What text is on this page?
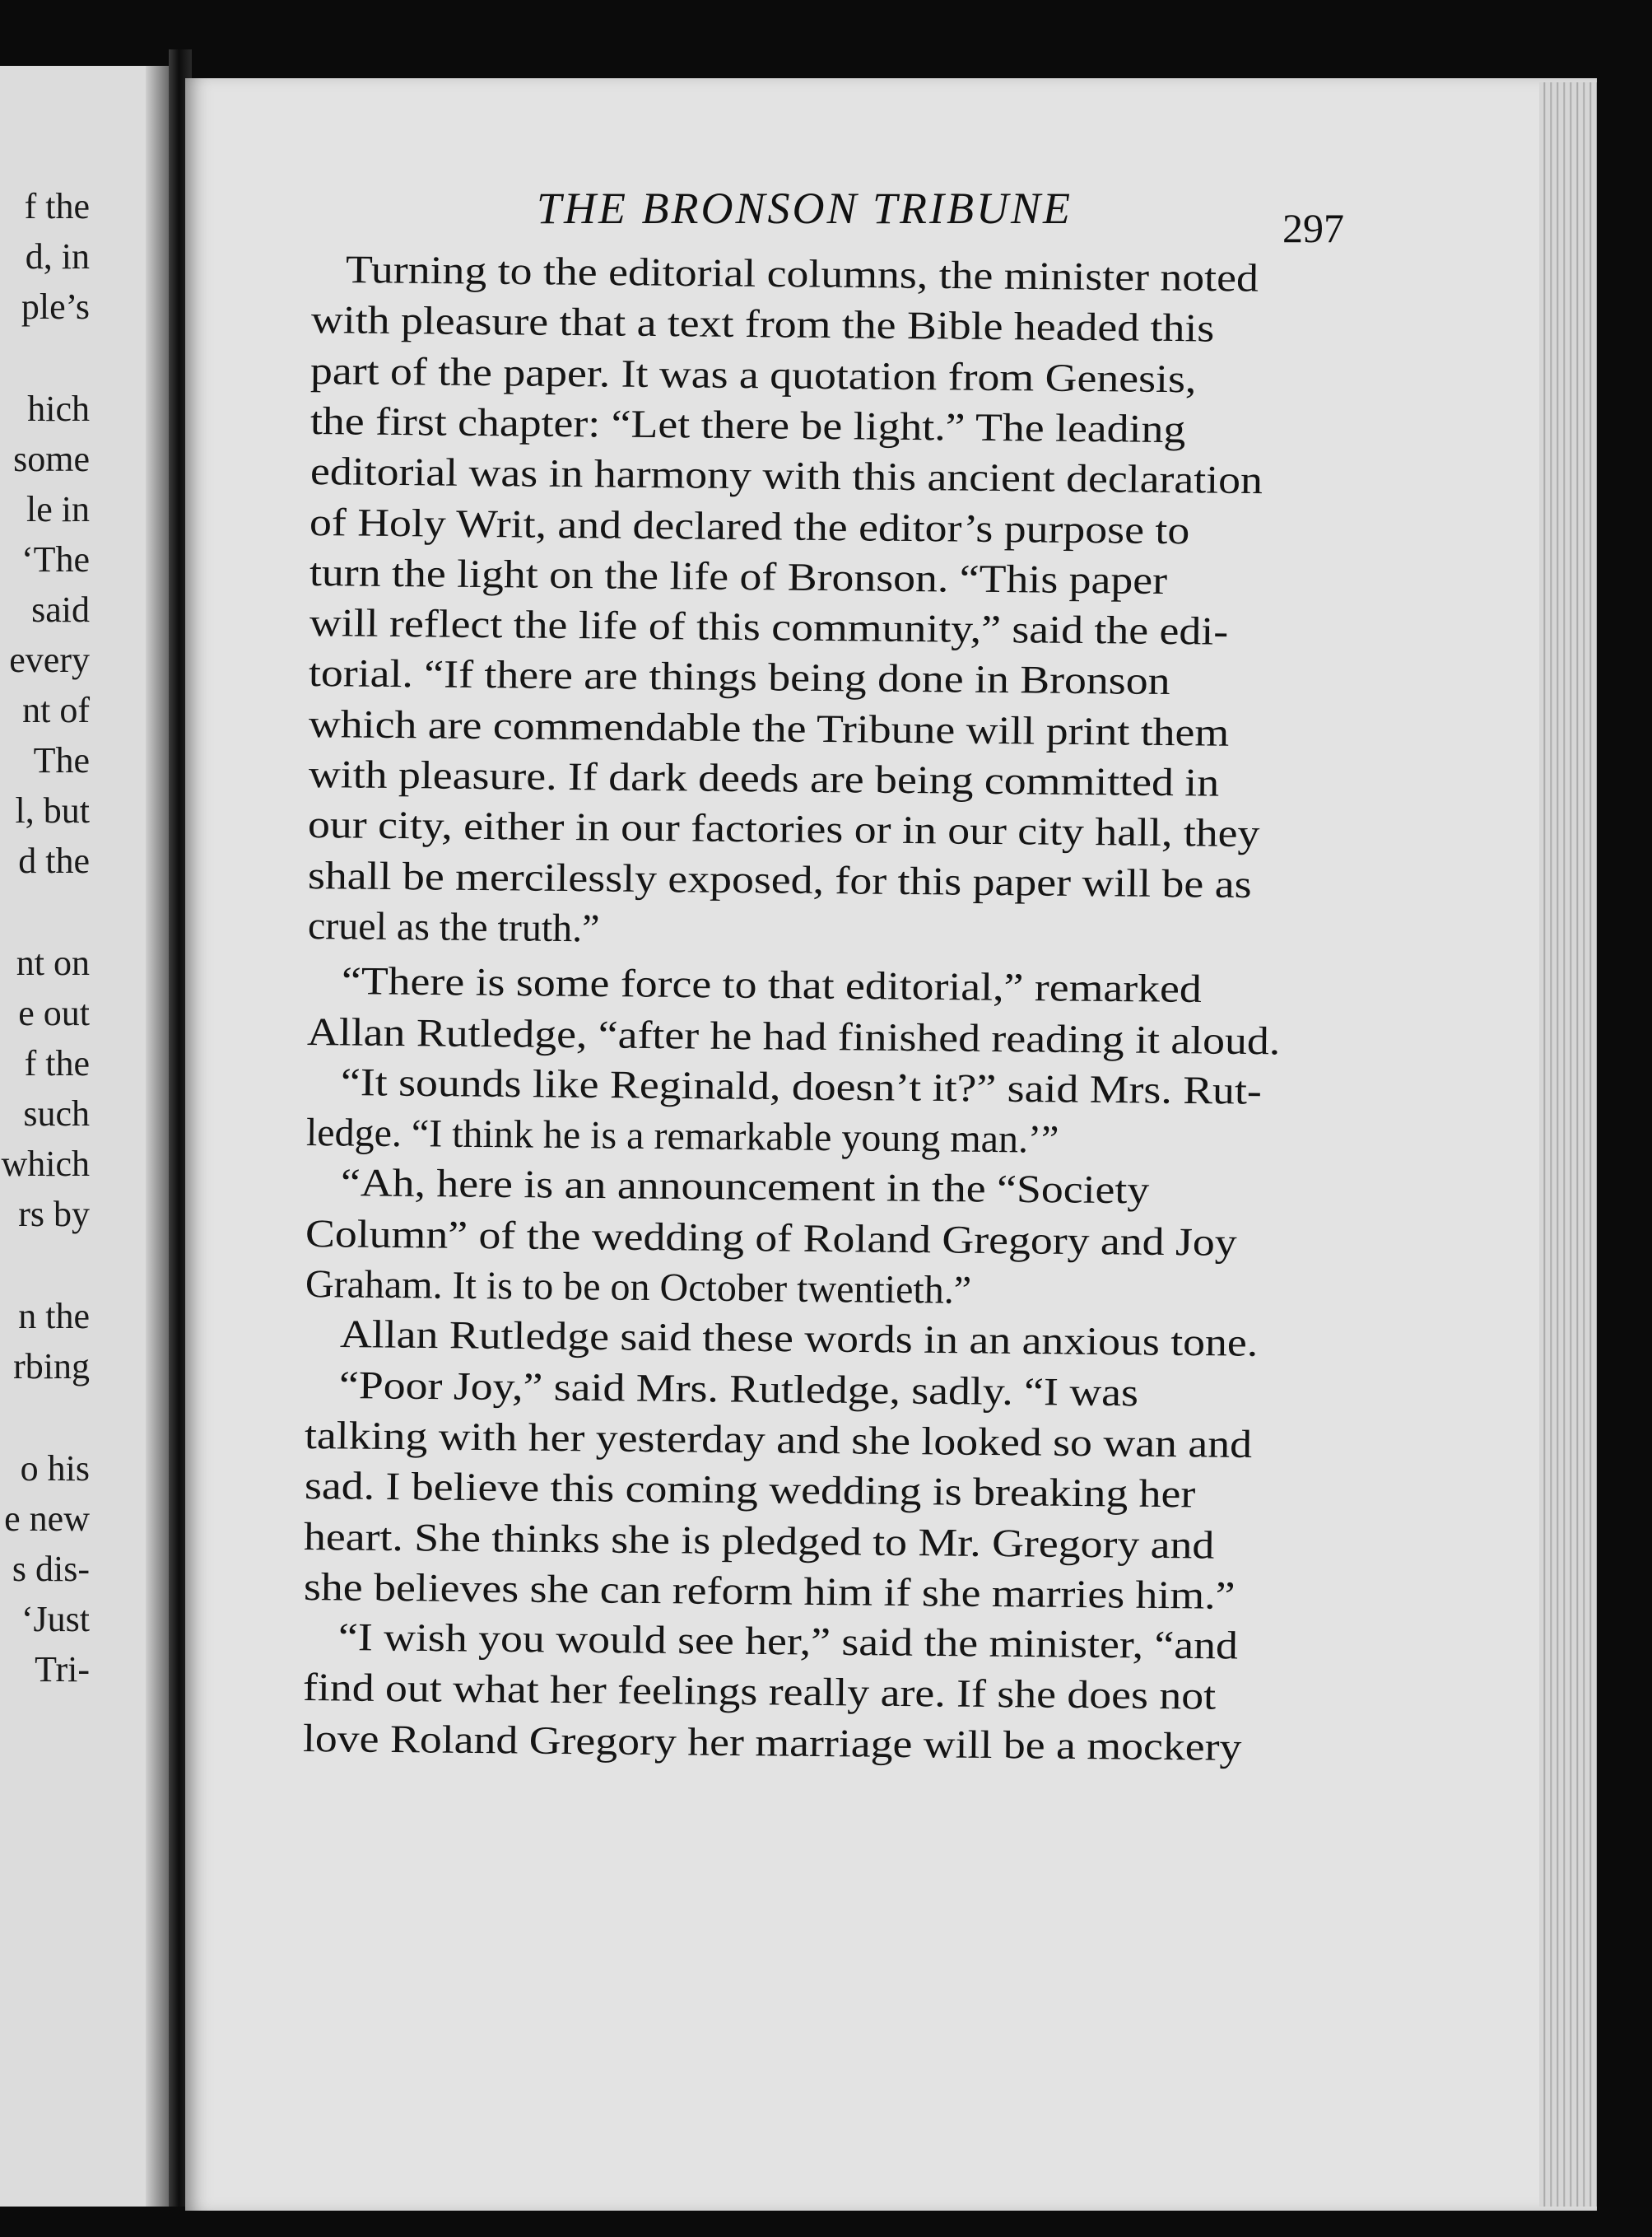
f the
d, in
ple’s
hich
some
le in
‘The
said
every
nt of
The
l, but
d the
nt on
e out
f the
such
which
rs by
n the
rbing
o his
e new
s dis-
‘Just
Tri-
THE BRONSON TRIBUNE	297
Turning to the editorial columns, the minister noted
with pleasure that a text from the Bible headed this
part of the paper. It was a quotation from Genesis,
the first chapter: “Let there be light.” The leading
editorial was in harmony with this ancient declaration
of Holy Writ, and declared the editor’s purpose to
turn the light on the life of Bronson. “This paper
will reflect the life of this community,” said the edi-
torial. “If there are things being done in Bronson
which are commendable the Tribune will print them
with pleasure. If dark deeds are being committed in
our city, either in our factories or in our city hall, they
shall be mercilessly exposed, for this paper will be as
cruel as the truth.”
“There is some force to that editorial,” remarked
Allan Rutledge, “after he had finished reading it aloud.
“It sounds like Reginald, doesn’t it?” said Mrs. Rut-
ledge. “I think he is a remarkable young man.’”
“Ah, here is an announcement in the “Society
Column” of the wedding of Roland Gregory and Joy
Graham. It is to be on October twentieth.”
Allan Rutledge said these words in an anxious tone.
“Poor Joy,” said Mrs. Rutledge, sadly. “I was
talking with her yesterday and she looked so wan and
sad. I believe this coming wedding is breaking her
heart. She thinks she is pledged to Mr. Gregory and
she believes she can reform him if she marries him.”
“I wish you would see her,” said the minister, “and
find out what her feelings really are. If she does not
love Roland Gregory her marriage will be a mockery
